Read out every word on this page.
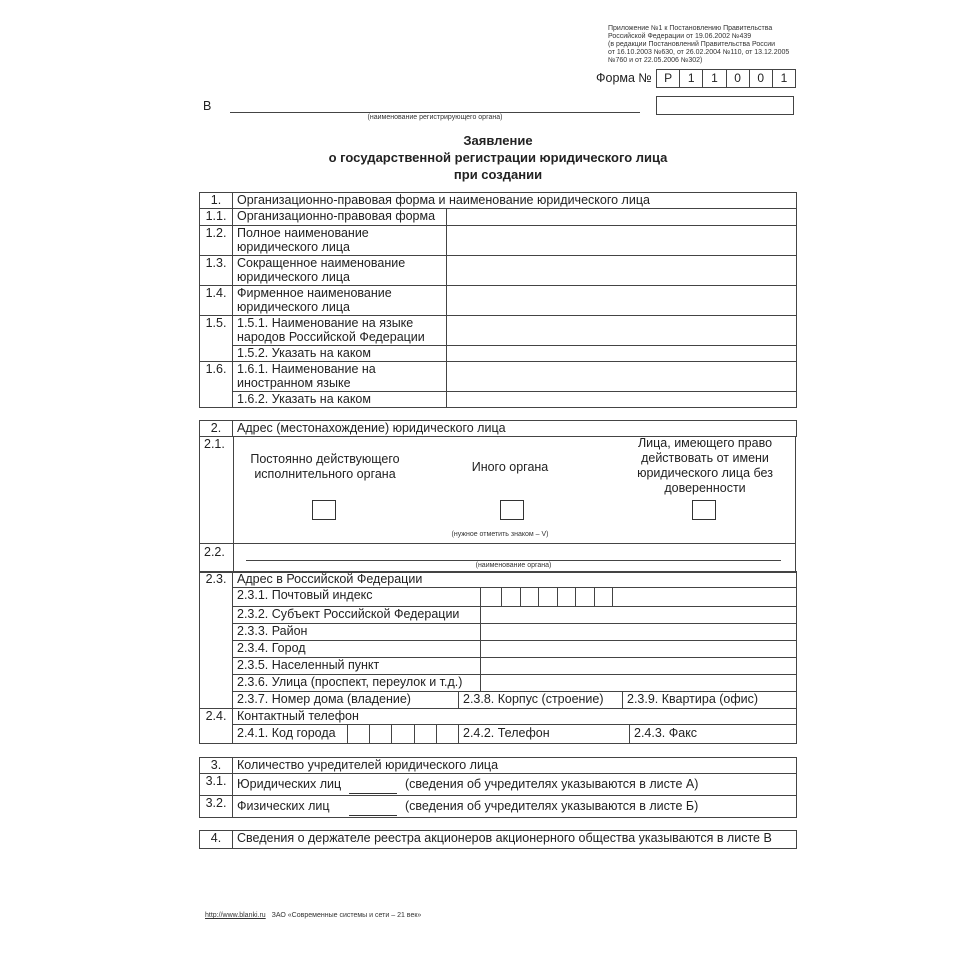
Приложение №1 к Постановлению Правительства
Российской Федерации от 19.06.2002 №439
(в редакции Постановлений Правительства России
от 16.10.2003 №630, от 26.02.2004 №110, от 13.12.2005
№760 и от 22.05.2006 №302)
Форма №	Р	1	1	0	0	1
В
(наименование регистрирующего органа)
Заявление
о государственной регистрации юридического лица
при создании
1.	Организационно-правовая форма и наименование юридического лица	
1.1.	Организационно-правовая форма	
1.2.	Полное наименование юридического лица	
1.3.	Сокращенное наименование юридического лица	
1.4.	Фирменное наименование юридического лица	
1.5.	1.5.1. Наименование на языке народов Российской Федерации	
	1.5.2. Указать на каком	
1.6.	1.6.1. Наименование на иностранном языке	
	1.6.2. Указать на каком	
2.	Адрес (местонахождение) юридического лица
2.1.
Постоянно действующего исполнительного органа	Иного органа
Лица, имеющего право действовать от имени юридического лица без доверенности
(нужное отметить знаком – V)
2.2.
(наименование органа)
2.3.	Адрес в Российской Федерации			
	2.3.1. Почтовый индекс			

	2.3.2. Субъект Российской Федерации			
	2.3.3. Район			
	2.3.4. Город			
	2.3.5. Населенный пункт			
	2.3.6. Улица (проспект, переулок и т.д.)			
	2.3.7. Номер дома (владение)	2.3.8. Корпус (строение)		2.3.9. Квартира (офис)
2.4.	Контактный телефон			

	2.4.1. Код города	2.4.2. Телефон 2.4.3. Факс		
3.	Количество учредителей юридического лица
3.1.	Юридических лиц (сведения об учредителях указываются в листе А)
3.2.	Физических лиц (сведения об учредителях указываются в листе Б)
4.	Сведения о держателе реестра акционеров акционерного общества указываются в листе В
http://www.blanki.ru ЗАО «Современные системы и сети – 21 век»
